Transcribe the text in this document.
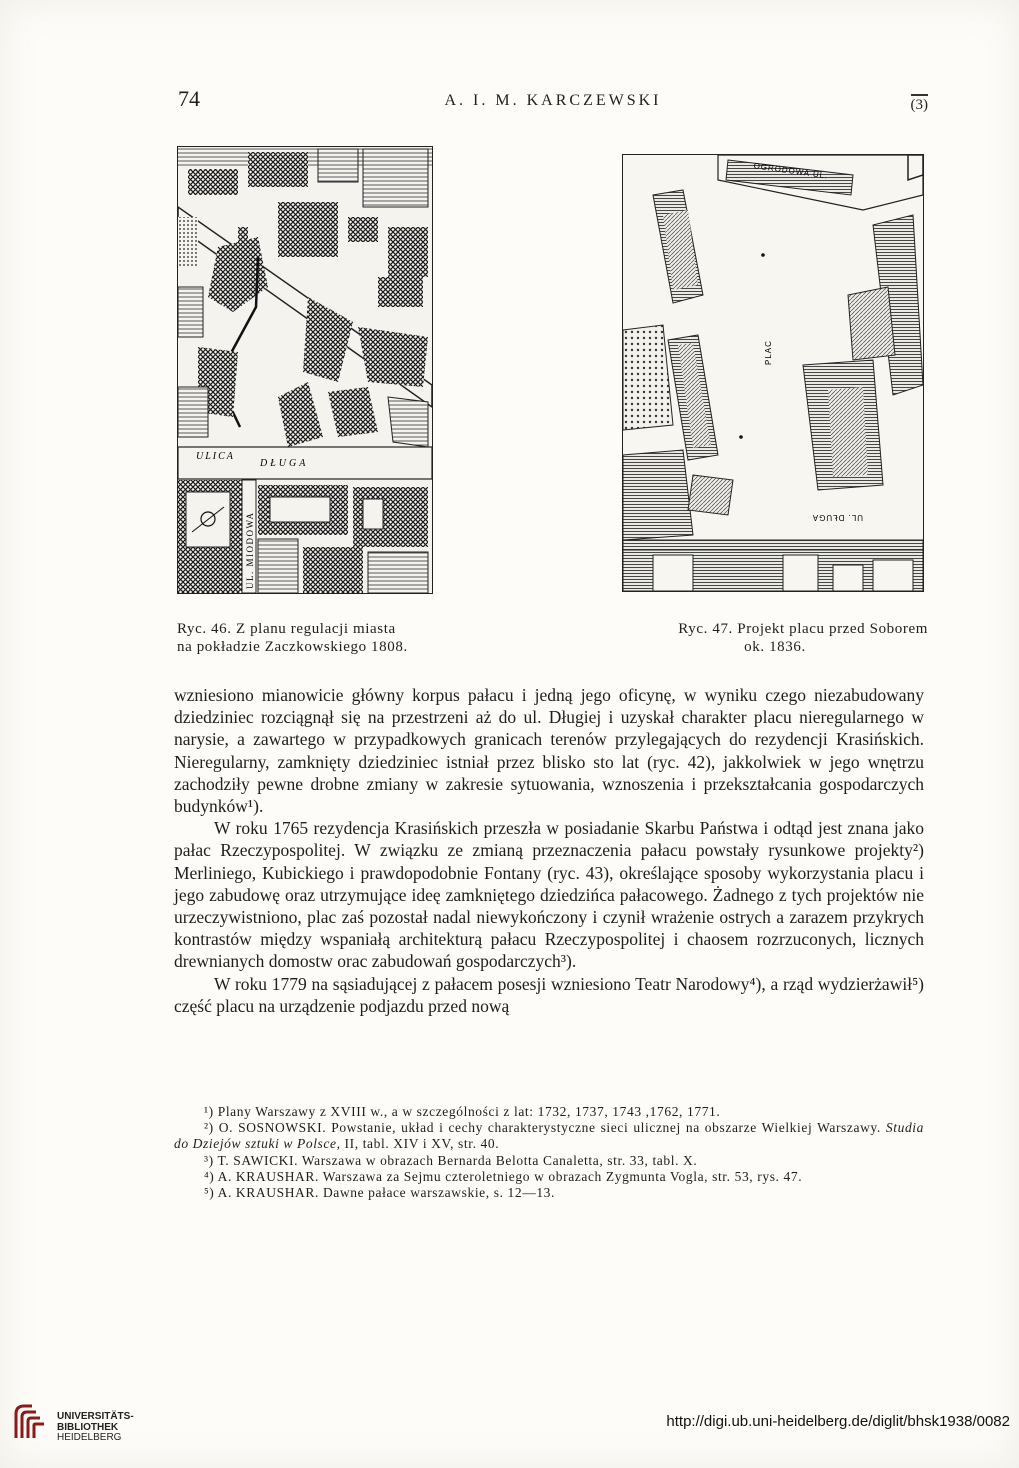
74	A. I. M. KARCZEWSKI	(3)
ULICA
DŁUGA
UL. MIODOWA
OGRODOWA UL.
PLAC
UL. DŁUGA
Ryc. 46. Z planu regulacji miasta
na pokładzie Zaczkowskiego 1808.
Ryc. 47. Projekt placu przed Soborem
ok. 1836.

wzniesiono mianowicie główny korpus pałacu i jedną jego oficynę, w wyniku czego niezabudowany dziedziniec rozciągnął się na przestrzeni aż do ul. Długiej i uzyskał charakter placu nieregularnego w narysie, a zawartego w przypadkowych granicach terenów przylegających do rezydencji Krasińskich. Nieregularny, zamknięty dziedziniec istniał przez blisko sto lat (ryc. 42), jakkolwiek w jego wnętrzu zachodziły pewne drobne zmiany w zakresie sytuowania, wznoszenia i przekształcania gospodarczych budynków¹).

W roku 1765 rezydencja Krasińskich przeszła w posiadanie Skarbu Państwa i odtąd jest znana jako pałac Rzeczypospolitej. W związku ze zmianą przeznaczenia pałacu powstały rysunkowe projekty²) Merliniego, Kubickiego i prawdopodobnie Fontany (ryc. 43), określające sposoby wykorzystania placu i jego zabudowę oraz utrzymujące ideę zamkniętego dziedzińca pałacowego. Żadnego z tych projektów nie urzeczywistniono, plac zaś pozostał nadal niewykończony i czynił wrażenie ostrych a zarazem przykrych kontrastów między wspaniałą architekturą pałacu Rzeczypospolitej i chaosem rozrzuconych, licznych drewnianych domostw orac zabudowań gospodarczych³).

W roku 1779 na sąsiadującej z pałacem posesji wzniesiono Teatr Narodowy⁴), a rząd wydzierżawił⁵) część placu na urządzenie podjazdu przed nową

¹) Plany Warszawy z XVIII w., a w szczególności z lat: 1732, 1737, 1743 ,1762, 1771.

²) O. SOSNOWSKI. Powstanie, układ i cechy charakterystyczne sieci ulicznej na obszarze Wielkiej Warszawy. Studia do Dziejów sztuki w Polsce, II, tabl. XIV i XV, str. 40.

³) T. SAWICKI. Warszawa w obrazach Bernarda Belotta Canaletta, str. 33, tabl. X.

⁴) A. KRAUSHAR. Warszawa za Sejmu czteroletniego w obrazach Zygmunta Vogla, str. 53, rys. 47.

⁵) A. KRAUSHAR. Dawne pałace warszawskie, s. 12—13.

UNIVERSITÄTS-
BIBLIOTHEK
HEIDELBERG
http://digi.ub.uni-heidelberg.de/diglit/bhsk1938/0082
